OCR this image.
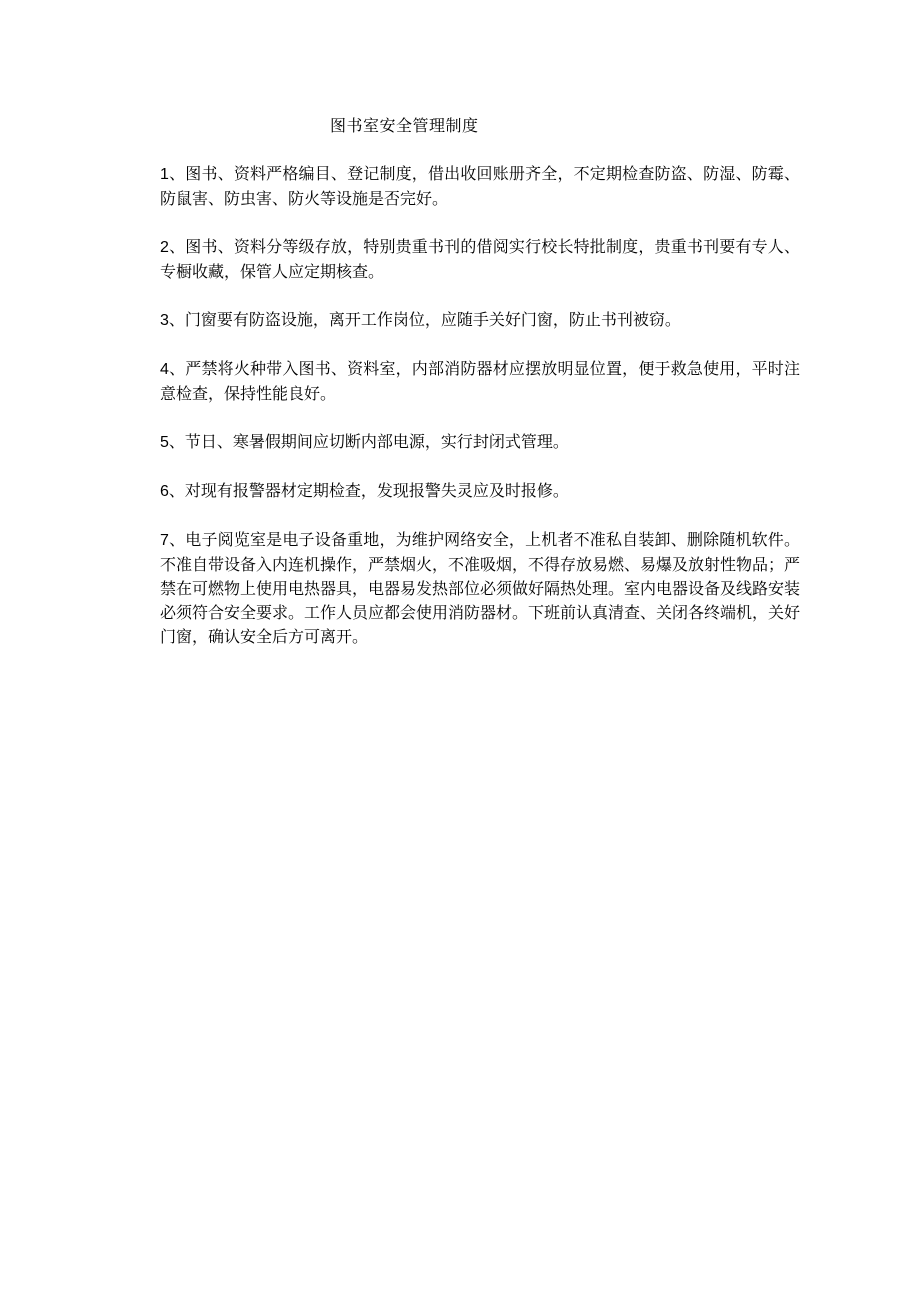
图书室安全管理制度
1、图书、资料严格编目、登记制度，借出收回账册齐全，不定期检查防盗、防湿、防霉、防鼠害、防虫害、防火等设施是否完好。
2、图书、资料分等级存放，特别贵重书刊的借阅实行校长特批制度，贵重书刊要有专人、专橱收藏，保管人应定期核查。
3、门窗要有防盗设施，离开工作岗位，应随手关好门窗，防止书刊被窃。
4、严禁将火种带入图书、资料室，内部消防器材应摆放明显位置，便于救急使用，平时注意检查，保持性能良好。
5、节日、寒暑假期间应切断内部电源，实行封闭式管理。
6、对现有报警器材定期检查，发现报警失灵应及时报修。
7、电子阅览室是电子设备重地，为维护网络安全，上机者不准私自装卸、删除随机软件。不准自带设备入内连机操作，严禁烟火，不准吸烟，不得存放易燃、易爆及放射性物品；严禁在可燃物上使用电热器具，电器易发热部位必须做好隔热处理。室内电器设备及线路安装必须符合安全要求。工作人员应都会使用消防器材。下班前认真清查、关闭各终端机，关好门窗，确认安全后方可离开。
